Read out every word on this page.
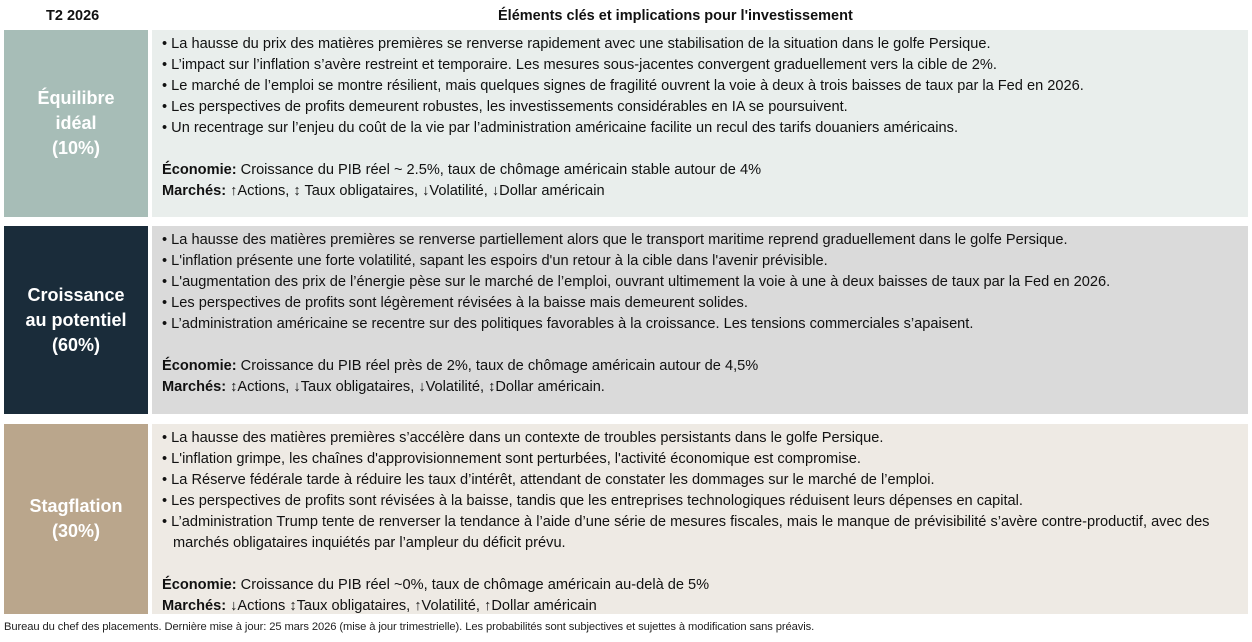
T2 2026	Éléments clés et implications pour l'investissement
Équilibre
idéal
(10%)
• La hausse du prix des matières premières se renverse rapidement avec une stabilisation de la situation dans le golfe Persique.
• L’impact sur l’inflation s’avère restreint et temporaire. Les mesures sous-jacentes convergent graduellement vers la cible de 2%.
• Le marché de l’emploi se montre résilient, mais quelques signes de fragilité ouvrent la voie à deux à trois baisses de taux par la Fed en 2026.
• Les perspectives de profits demeurent robustes, les investissements considérables en IA se poursuivent.
• Un recentrage sur l’enjeu du coût de la vie par l’administration américaine facilite un recul des tarifs douaniers américains.
Économie: Croissance du PIB réel ~ 2.5%, taux de chômage américain stable autour de 4%
Marchés: ↑Actions, ↕ Taux obligataires, ↓Volatilité, ↓Dollar américain
Croissance
au potentiel
(60%)
• La hausse des matières premières se renverse partiellement alors que le transport maritime reprend graduellement dans le golfe Persique.
• L'inflation présente une forte volatilité, sapant les espoirs d'un retour à la cible dans l'avenir prévisible.
• L'augmentation des prix de l’énergie pèse sur le marché de l’emploi, ouvrant ultimement la voie à une à deux baisses de taux par la Fed en 2026.
• Les perspectives de profits sont légèrement révisées à la baisse mais demeurent solides.
• L’administration américaine se recentre sur des politiques favorables à la croissance. Les tensions commerciales s’apaisent.
Économie: Croissance du PIB réel près de 2%, taux de chômage américain autour de 4,5%
Marchés: ↕Actions, ↓Taux obligataires, ↓Volatilité, ↕Dollar américain.
Stagflation
(30%)
• La hausse des matières premières s’accélère dans un contexte de troubles persistants dans le golfe Persique.
• L'inflation grimpe, les chaînes d'approvisionnement sont perturbées, l'activité économique est compromise.
• La Réserve fédérale tarde à réduire les taux d’intérêt, attendant de constater les dommages sur le marché de l’emploi.
• Les perspectives de profits sont révisées à la baisse, tandis que les entreprises technologiques réduisent leurs dépenses en capital.
• L’administration Trump tente de renverser la tendance à l’aide d’une série de mesures fiscales, mais le manque de prévisibilité s’avère contre-productif, avec des marchés obligataires inquiétés par l’ampleur du déficit prévu.
Économie: Croissance du PIB réel ~0%, taux de chômage américain au-delà de 5%
Marchés: ↓Actions ↕Taux obligataires, ↑Volatilité, ↑Dollar américain
Bureau du chef des placements. Dernière mise à jour: 25 mars 2026 (mise à jour trimestrielle). Les probabilités sont subjectives et sujettes à modification sans préavis.
